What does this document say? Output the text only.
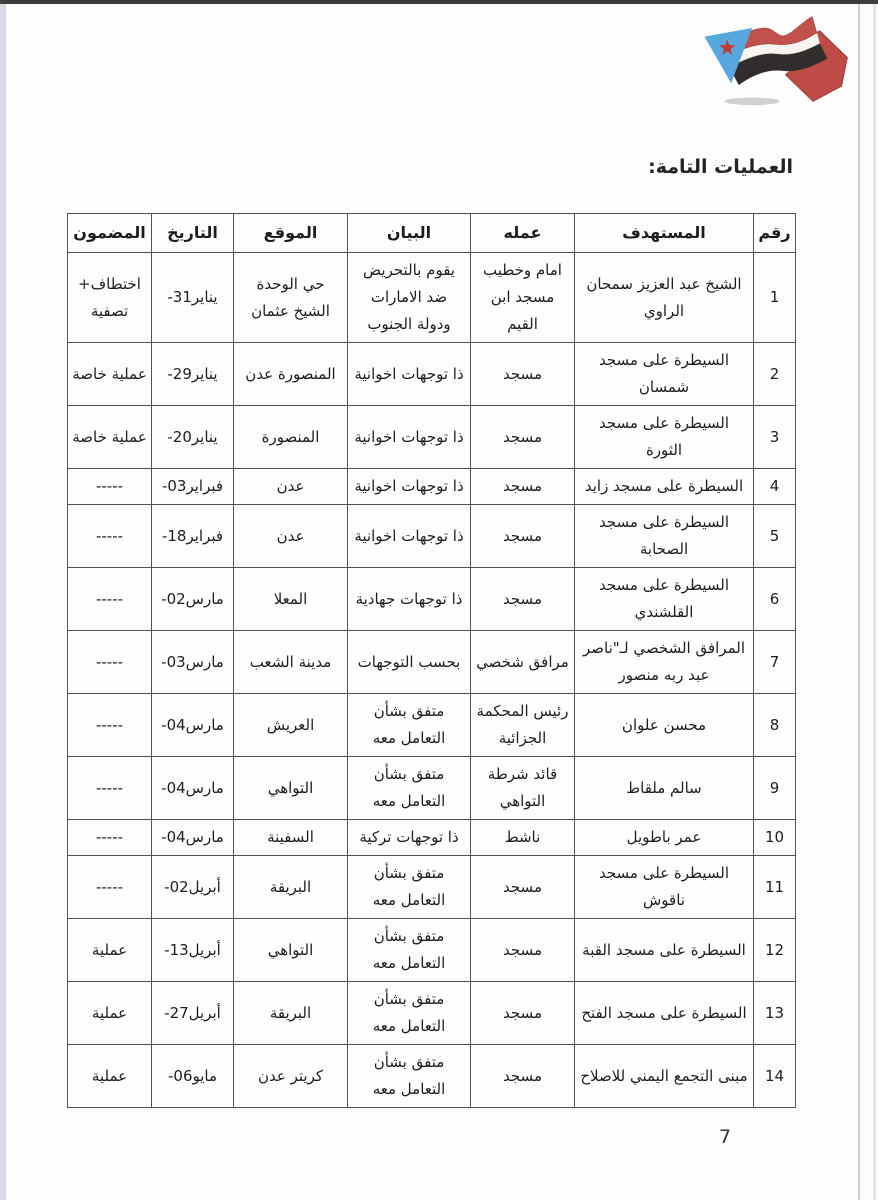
العمليات التامة:
رقم	المستهدف	عمله	البيان	الموقع	التاريخ	المضمون
1	الشيخ عبد العزيز سمحان الراوي	امام وخطيب مسجد ابن القيم	يقوم بالتحريض ضد الامارات ودولة الجنوب	حي الوحدة الشيخ عثمان	-31يناير	اختطاف+ تصفية
2	السيطرة على مسجد شمسان	مسجد	ذا توجهات اخوانية	المنصورة عدن	-29يناير	عملية خاصة
3	السيطرة على مسجد الثورة	مسجد	ذا توجهات اخوانية	المنصورة	-20يناير	عملية خاصة
4	السيطرة على مسجد زايد	مسجد	ذا توجهات اخوانية	عدن	-03فبراير	-----
5	السيطرة على مسجد الصحابة	مسجد	ذا توجهات اخوانية	عدن	-18فبراير	-----
6	السيطرة على مسجد القلشندي	مسجد	ذا توجهات جهادية	المعلا	-02مارس	-----
7	المرافق الشخصي لـ"ناصر عبد ربه منصور	مرافق شخصي	بحسب التوجهات	مدينة الشعب	-03مارس	-----
8	محسن علوان	رئيس المحكمة الجزائية	متفق بشأن التعامل معه	العريش	-04مارس	-----
9	سالم ملقاط	قائد شرطة التواهي	متفق بشأن التعامل معه	التواهي	-04مارس	-----
10	عمر باطويل	ناشط	ذا توجهات تركية	السفينة	-04مارس	-----
11	السيطرة على مسجد ناقوش	مسجد	متفق بشأن التعامل معه	البريقة	-02أبريل	-----
12	السيطرة على مسجد القبة	مسجد	متفق بشأن التعامل معه	التواهي	-13أبريل	عملية
13	السيطرة على مسجد الفتح	مسجد	متفق بشأن التعامل معه	البريقة	-27أبريل	عملية
14	مبنى التجمع اليمني للاصلاح	مسجد	متفق بشأن التعامل معه	كريتر عدن	-06مايو	عملية
7
